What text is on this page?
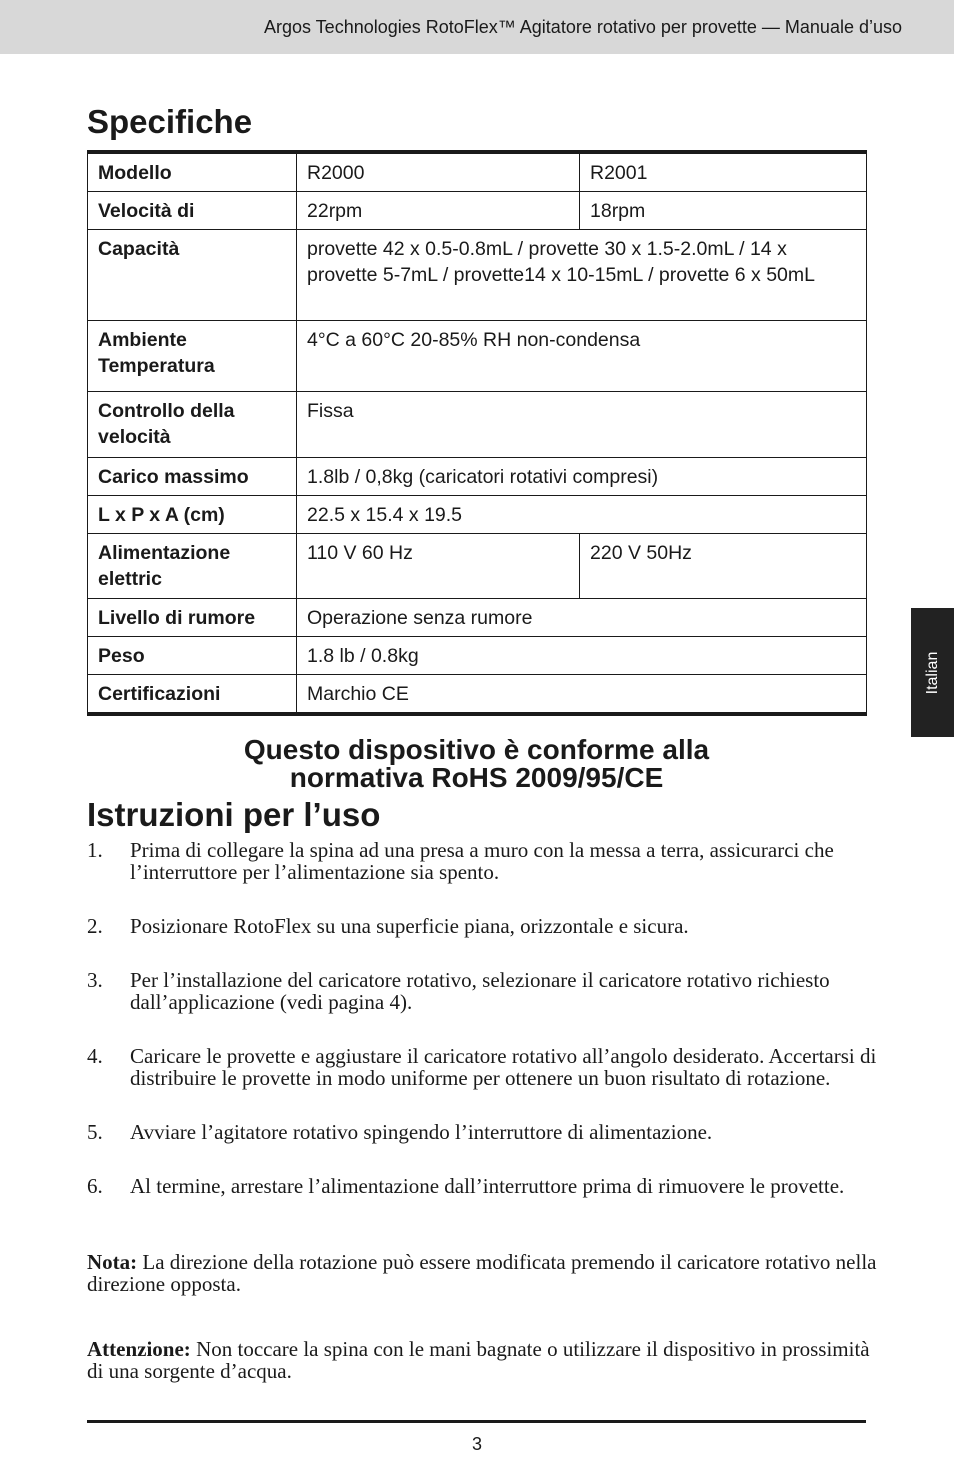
Argos Technologies RotoFlex™ Agitatore rotativo per provette — Manuale d’uso
Italian
Specifiche
Modello	R2000	R2001
Velocità di	22rpm	18rpm
Capacità	provette 42 x 0.5-0.8mL / provette 30 x 1.5-2.0mL / 14 x provette 5-7mL / provette14 x 10-15mL / provette 6 x 50mL	
Ambiente Temperatura	4°C a 60°C 20-85% RH non-condensa	
Controllo della velocità	Fissa	
Carico massimo	1.8lb / 0,8kg (caricatori rotativi compresi)	
L x P x A (cm)	22.5 x 15.4 x 19.5	
Alimentazione elettric	110 V 60 Hz	220 V 50Hz
Livello di rumore	Operazione senza rumore	
Peso	1.8 lb / 0.8kg	
Certificazioni	Marchio CE	
Questo dispositivo è conforme alla
normativa RoHS 2009/95/CE
Istruzioni per l’uso
1. Prima di collegare la spina ad una presa a muro con la messa a terra, assicurarci che l’interruttore per l’alimentazione sia spento.
2. Posizionare RotoFlex su una superficie piana, orizzontale e sicura.
3. Per l’installazione del caricatore rotativo, selezionare il caricatore rotativo richiesto dall’applicazione (vedi pagina 4).
4. Caricare le provette e aggiustare il caricatore rotativo all’angolo desiderato. Accertarsi di distribuire le provette in modo uniforme per ottenere un buon risultato di rotazione.
5. Avviare l’agitatore rotativo spingendo l’interruttore di alimentazione.
6. Al termine, arrestare l’alimentazione dall’interruttore prima di rimuovere le provette.
Nota: La direzione della rotazione può essere modificata premendo il caricatore rotativo nella direzione opposta.
Attenzione: Non toccare la spina con le mani bagnate o utilizzare il dispositivo in prossimità di una sorgente d’acqua.
3
